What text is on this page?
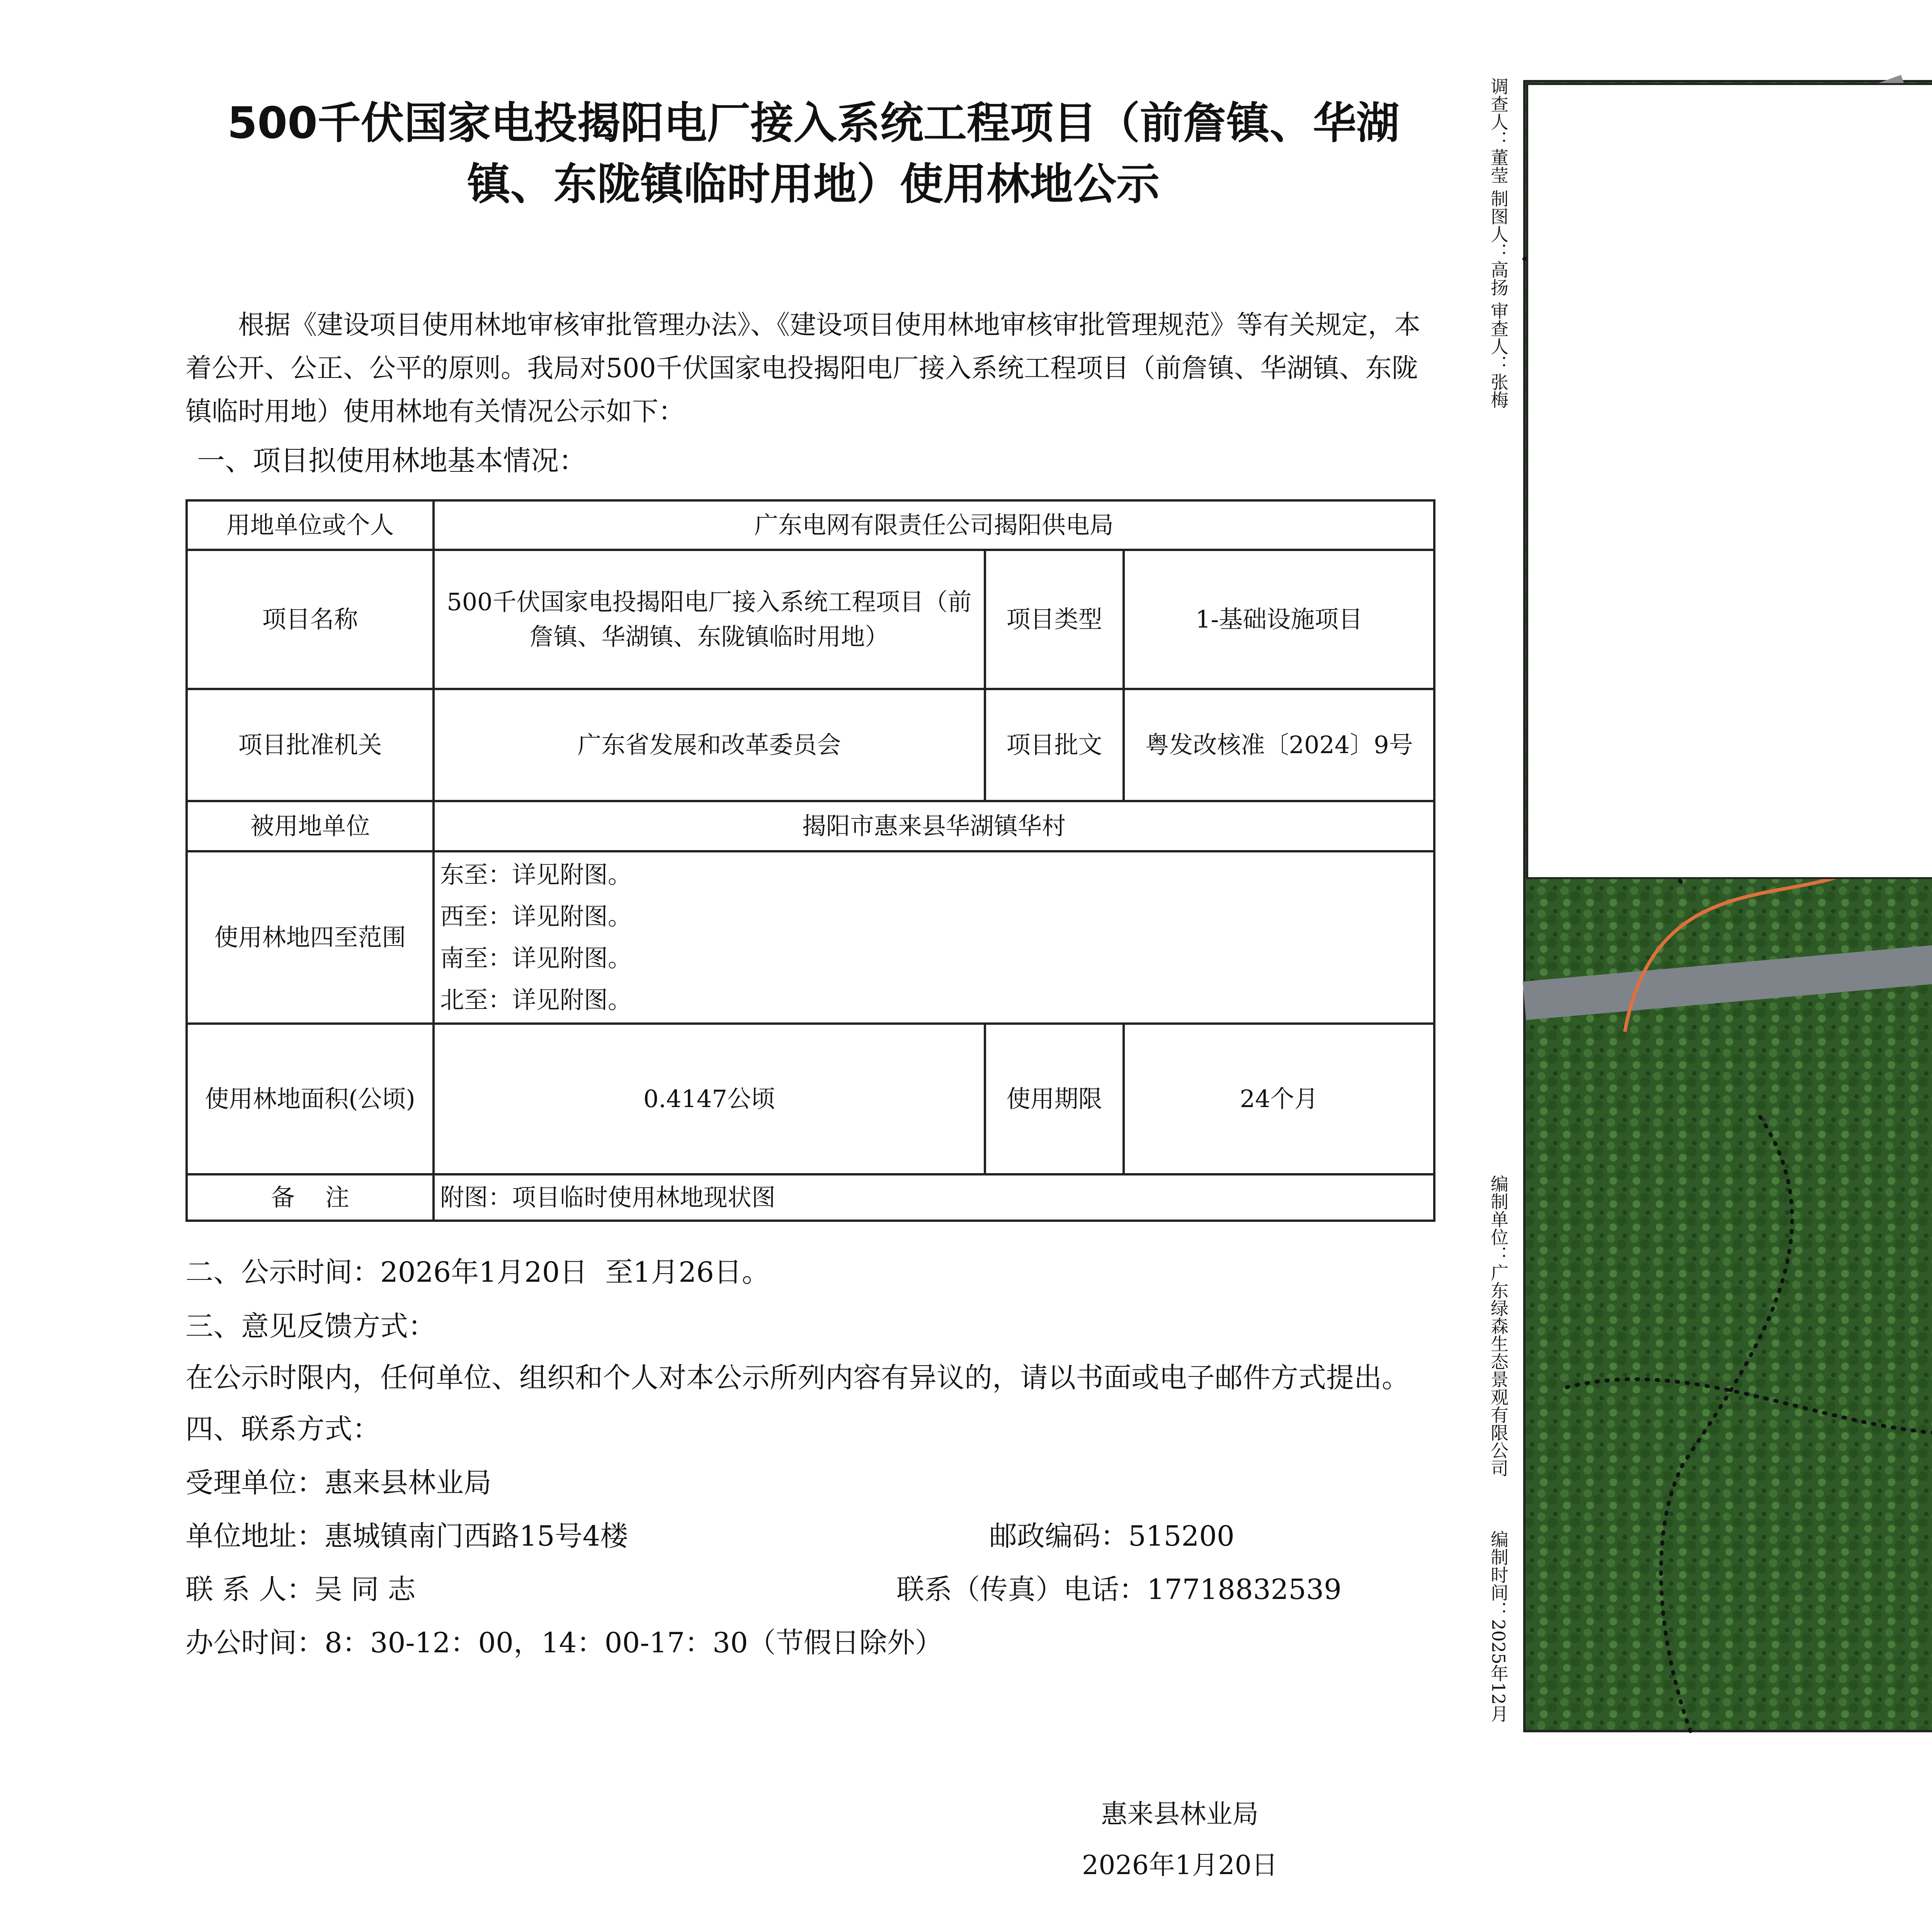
500千伏国家电投揭阳电厂接入系统工程项目（前詹镇、华湖镇、东陇镇临时用地）使用林地公示

根据《建设项目使用林地审核审批管理办法》、《建设项目使用林地审核审批管理规范》等有关规定，本着公开、公正、公平的原则。我局对500千伏国家电投揭阳电厂接入系统工程项目（前詹镇、华湖镇、东陇镇临时用地）使用林地有关情况公示如下：

一、项目拟使用林地基本情况：

用地单位或个人	广东电网有限责任公司揭阳供电局		
项目名称	500千伏国家电投揭阳电厂接入系统工程项目（前詹镇、华湖镇、东陇镇临时用地）	项目类型	1-基础设施项目
项目批准机关	广东省发展和改革委员会	项目批文	粤发改核准〔2024〕9号
被用地单位	揭阳市惠来县华湖镇华村		
使用林地四至范围	东至：详见附图。
西至：详见附图。
南至：详见附图。
北至：详见附图。		

使用林地面积(公顷)	0.4147公顷	使用期限	24个月
备    注	附图：项目临时使用林地现状图		

二、公示时间：2026年1月20日  至1月26日。

三、意见反馈方式：

在公示时限内，任何单位、组织和个人对本公示所列内容有异议的，请以书面或电子邮件方式提出。

四、联系方式：

受理单位：惠来县林业局

单位地址：惠城镇南门西路15号4楼	邮政编码：515200
联 系 人：吴 同 志	联系（传真）电话：17718832539

办公时间：8：30-12：00，14：00-17：30（节假日除外）

惠来县林业局
2026年1月20日
调查人：董莹 制图人：高扬 审查人：张梅
编制单位：广东绿森生态景观有限公司
编制时间：2025年12月
